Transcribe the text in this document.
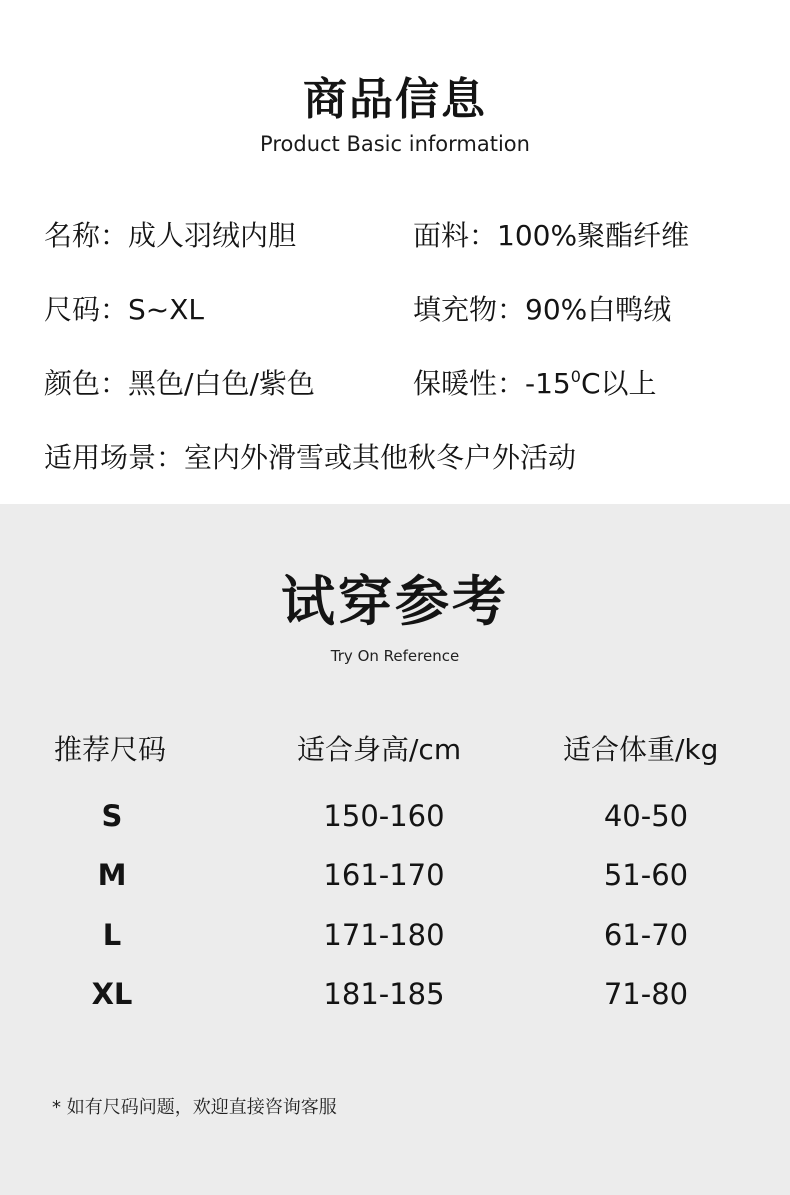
商品信息
Product Basic information
名称：成人羽绒内胆	面料：100%聚酯纤维
尺码：S~XL	填充物：90%白鸭绒
颜色：黑色/白色/紫色	保暖性：$-15^0C$以上
适用场景：室内外滑雪或其他秋冬户外活动
试穿参考
Try On Reference
推荐尺码	适合身高/cm	适合体重/kg
S	150-160	40-50
M	161-170	51-60
L	171-180	61-70
XL	181-185	71-80
* 如有尺码问题，欢迎直接咨询客服
